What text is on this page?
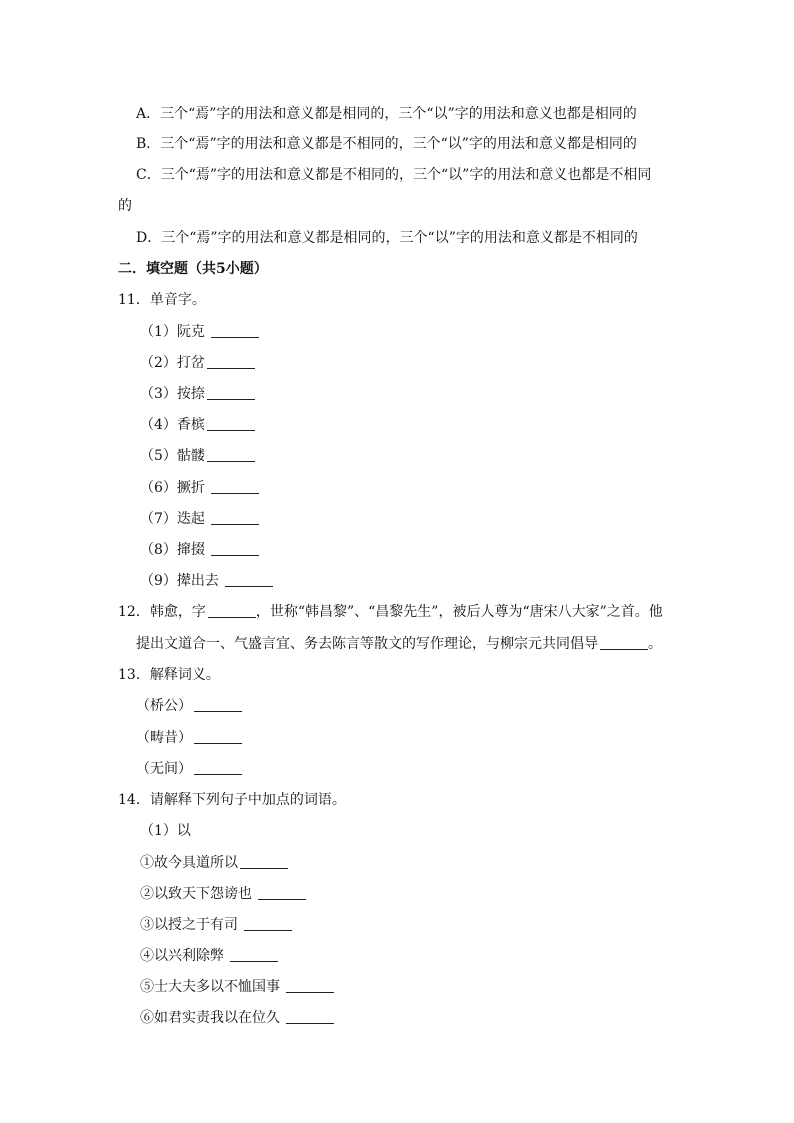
A．三个“焉”字的用法和意义都是相同的，三个“以”字的用法和意义也都是相同的
B．三个“焉”字的用法和意义都是不相同的，三个“以”字的用法和意义都是相同的
C．三个“焉”字的用法和意义都是不相同的，三个“以”字的用法和意义也都是不相同
的
D．三个“焉”字的用法和意义都是相同的，三个“以”字的用法和意义都是不相同的
二．填空题（共5小题）
11．单音字。
（1）阮克
（2）打岔
（3）按捺
（4）香槟
（5）骷髅
（6）撅折
（7）迭起
（8）撺掇
（9）撵出去
12．韩愈，字	，世称“韩昌黎”、“昌黎先生”，被后人尊为“唐宋八大家”之首。他
提出文道合一、气盛言宜、务去陈言等散文的写作理论，与柳宗元共同倡导	。
13．解释词义。
（桥公）
（畴昔）
（无间）
14．请解释下列句子中加点的词语。
（1）以
①故今具道所以
②以致天下怨谤也
③以授之于有司
④以兴利除弊
⑤士大夫多以不恤国事
⑥如君实责我以在位久
